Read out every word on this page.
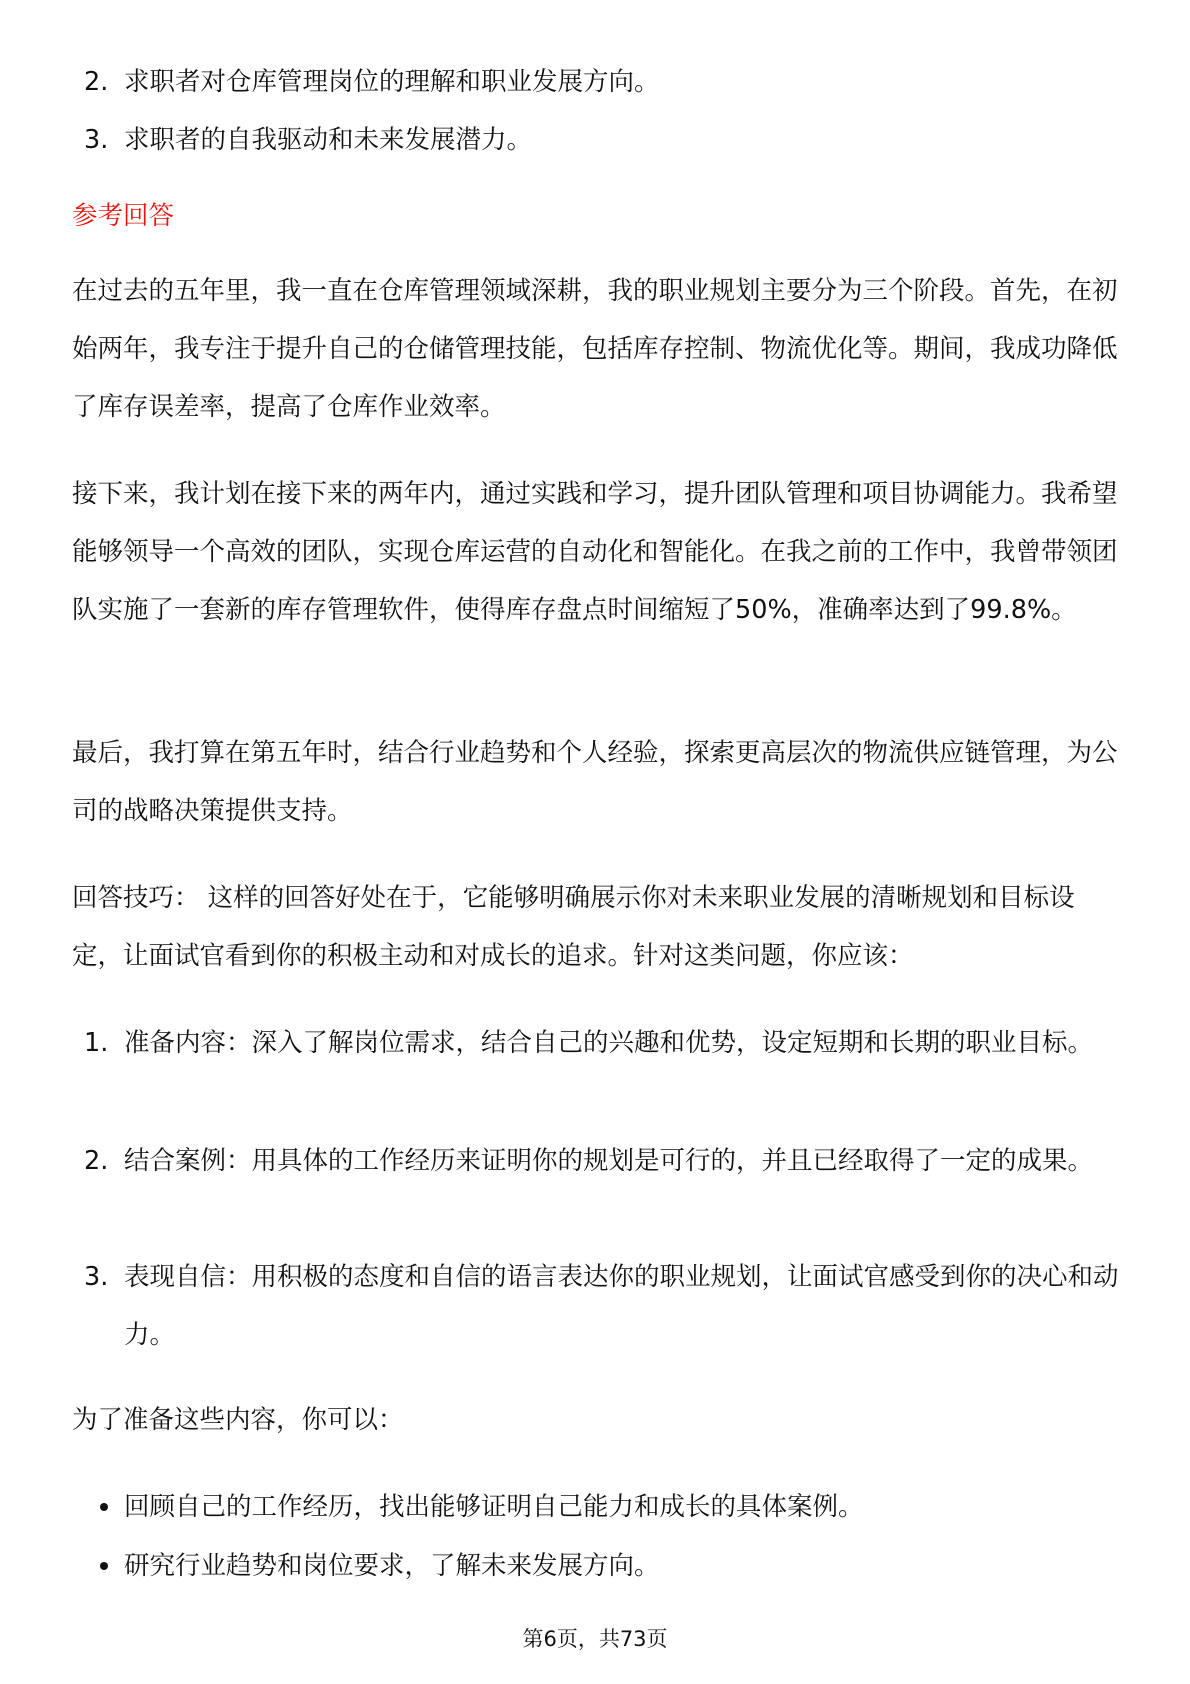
2. 求职者对仓库管理岗位的理解和职业发展方向。
3. 求职者的自我驱动和未来发展潜力。
参考回答
在过去的五年里，我一直在仓库管理领域深耕，我的职业规划主要分为三个阶段。首先，在初始两年，我专注于提升自己的仓储管理技能，包括库存控制、物流优化等。期间，我成功降低了库存误差率，提高了仓库作业效率。
接下来，我计划在接下来的两年内，通过实践和学习，提升团队管理和项目协调能力。我希望能够领导一个高效的团队，实现仓库运营的自动化和智能化。在我之前的工作中，我曾带领团队实施了一套新的库存管理软件，使得库存盘点时间缩短了50%，准确率达到了99.8%。
最后，我打算在第五年时，结合行业趋势和个人经验，探索更高层次的物流供应链管理，为公司的战略决策提供支持。
回答技巧： 这样的回答好处在于，它能够明确展示你对未来职业发展的清晰规划和目标设定，让面试官看到你的积极主动和对成长的追求。针对这类问题，你应该：
1. 准备内容：深入了解岗位需求，结合自己的兴趣和优势，设定短期和长期的职业目标。
2. 结合案例：用具体的工作经历来证明你的规划是可行的，并且已经取得了一定的成果。
3. 表现自信：用积极的态度和自信的语言表达你的职业规划，让面试官感受到你的决心和动力。
为了准备这些内容，你可以：
回顾自己的工作经历，找出能够证明自己能力和成长的具体案例。
研究行业趋势和岗位要求，了解未来发展方向。
第6页，共73页
